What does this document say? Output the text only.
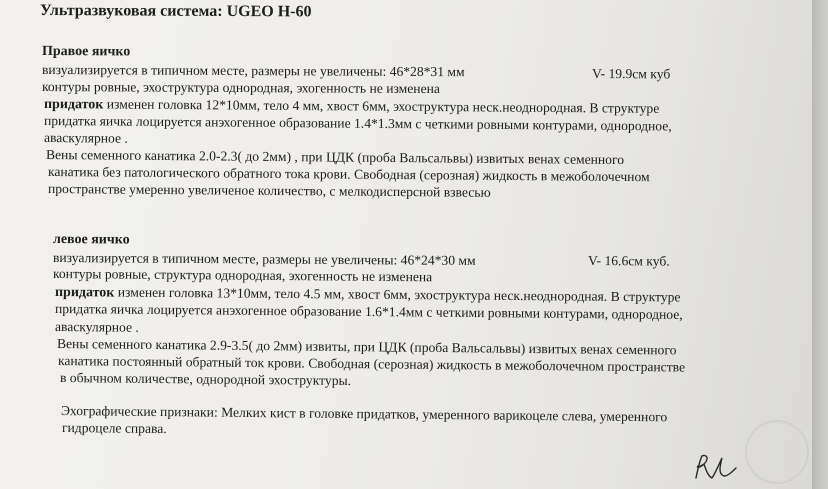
Ультразвуковая система: UGEO H-60
Правое яичко
визуализируется в типичном месте, размеры не увеличены: 46*28*31 мм	V- 19.9см куб
контуры ровные, эхоструктура однородная, эхогенность не изменена
придаток изменен головка 12*10мм, тело 4 мм, хвост 6мм, эхоструктура неск.неоднородная. В структуре
придатка яичка лоцируется анэхогенное образование 1.4*1.3мм с четкими ровными контурами, однородное,
аваскулярное .
Вены семенного канатика 2.0-2.3( до 2мм) , при ЦДК (проба Вальсальвы) извитых венах семенного
канатика без патологического обратного тока крови. Свободная (серозная) жидкость в межоболочечном
пространстве умеренно увеличеное количество, с мелкодисперсной взвесью
левое яичко
визуализируется в типичном месте, размеры не увеличены: 46*24*30 мм	V- 16.6см куб.
контуры ровные, структура однородная, эхогенность не изменена
придаток изменен головка 13*10мм, тело 4.5 мм, хвост 6мм, эхоструктура неск.неоднородная. В структуре
придатка яичка лоцируется анэхогенное образование 1.6*1.4мм с четкими ровными контурами, однородное,
аваскулярное .
Вены семенного канатика 2.9-3.5( до 2мм) извиты, при ЦДК (проба Вальсальвы) извитых венах семенного
канатика постоянный обратный ток крови. Свободная (серозная) жидкость в межоболочечном пространстве
в обычном количестве, однородной эхоструктуры.
Эхографические признаки: Мелких кист в головке придатков, умеренного варикоцеле слева, умеренного
гидроцеле справа.
